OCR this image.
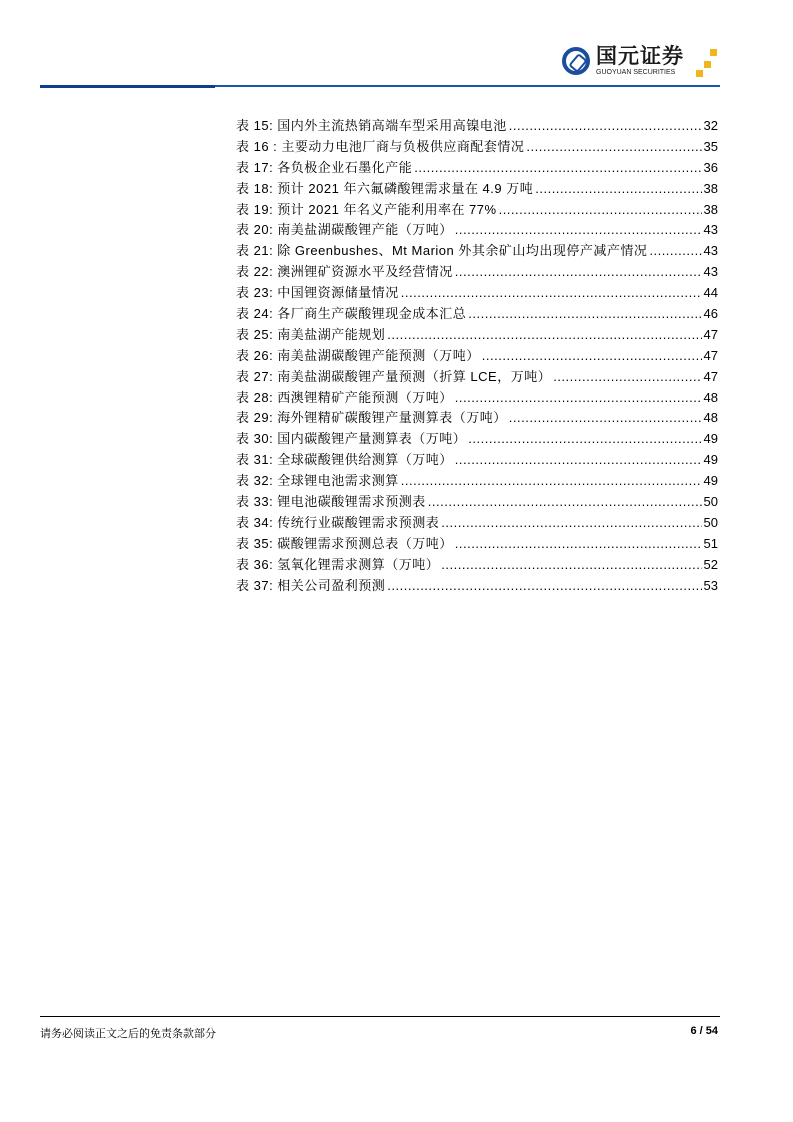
国元证券
GUOYUAN SECURITIES
表 15: 国内外主流热销高端车型采用高镍电池 .....	32
表 16 : 主要动力电池厂商与负极供应商配套情况 .....	35
表 17: 各负极企业石墨化产能 .....	36
表 18: 预计 2021 年六氟磷酸锂需求量在 4.9 万吨 .....	38
表 19: 预计 2021 年名义产能利用率在 77% .....	38
表 20: 南美盐湖碳酸锂产能（万吨） .....	43
表 21: 除 Greenbushes、Mt Marion 外其余矿山均出现停产减产情况 .....	43
表 22: 澳洲锂矿资源水平及经营情况 .....	43
表 23: 中国锂资源储量情况 .....	44
表 24: 各厂商生产碳酸锂现金成本汇总 .....	46
表 25: 南美盐湖产能规划 .....	47
表 26: 南美盐湖碳酸锂产能预测（万吨） .....	47
表 27: 南美盐湖碳酸锂产量预测（折算 LCE，万吨） .....	47
表 28: 西澳锂精矿产能预测（万吨） .....	48
表 29: 海外锂精矿碳酸锂产量测算表（万吨） .....	48
表 30: 国内碳酸锂产量测算表（万吨） .....	49
表 31: 全球碳酸锂供给测算（万吨） .....	49
表 32: 全球锂电池需求测算 .....	49
表 33: 锂电池碳酸锂需求预测表 .....	50
表 34: 传统行业碳酸锂需求预测表 .....	50
表 35: 碳酸锂需求预测总表（万吨） .....	51
表 36: 氢氧化锂需求测算（万吨） .....	52
表 37: 相关公司盈利预测 .....	53
请务必阅读正文之后的免责条款部分	6 / 54
